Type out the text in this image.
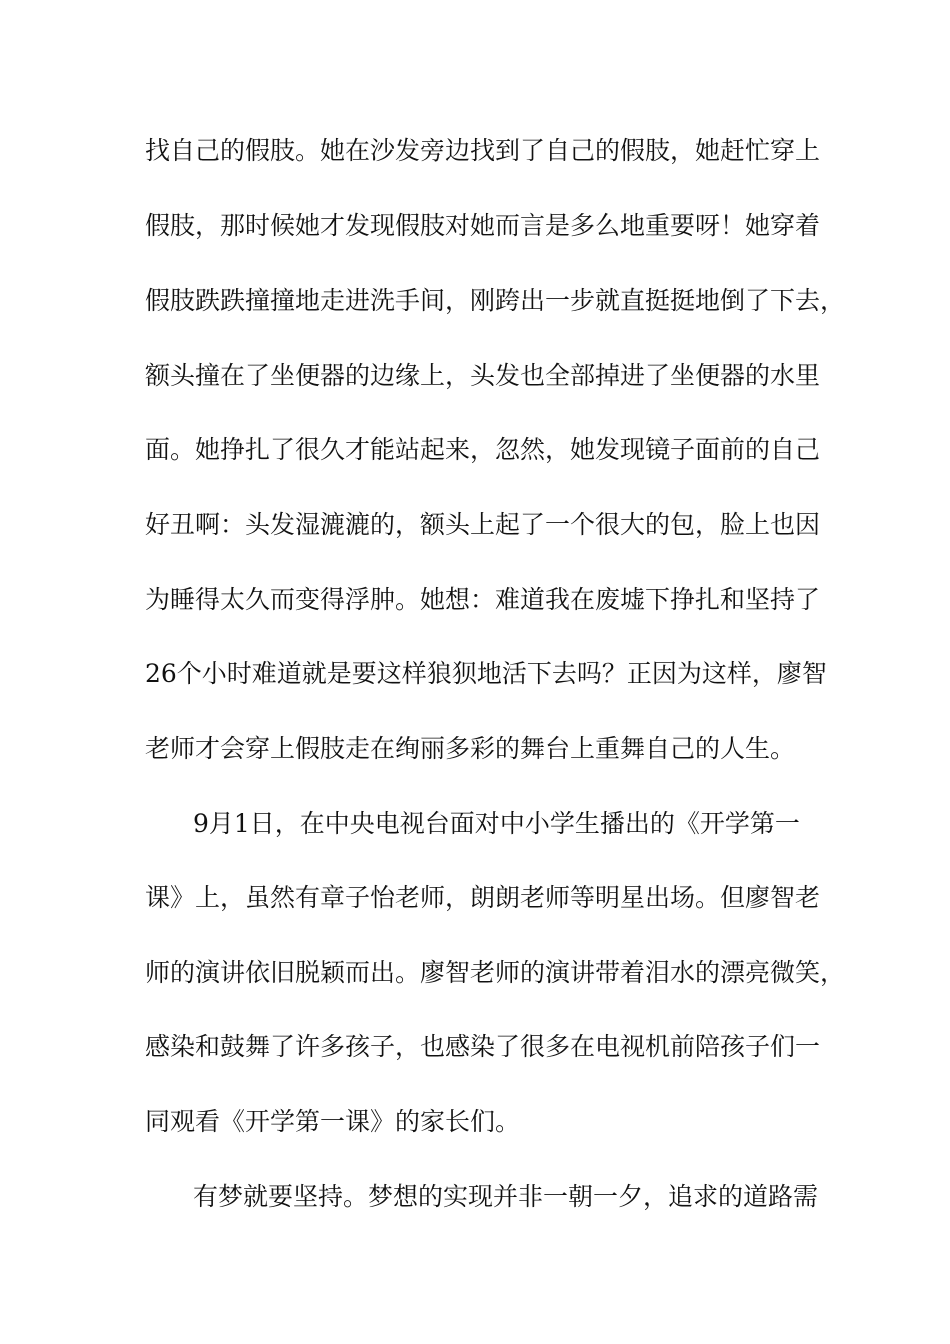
找自己的假肢。她在沙发旁边找到了自己的假肢，她赶忙穿上
假肢，那时候她才发现假肢对她而言是多么地重要呀！她穿着
假肢跌跌撞撞地走进洗手间，刚跨出一步就直挺挺地倒了下去，
额头撞在了坐便器的边缘上，头发也全部掉进了坐便器的水里
面。她挣扎了很久才能站起来，忽然，她发现镜子面前的自己
好丑啊：头发湿漉漉的，额头上起了一个很大的包，脸上也因
为睡得太久而变得浮肿。她想：难道我在废墟下挣扎和坚持了
26个小时难道就是要这样狼狈地活下去吗？正因为这样，廖智
老师才会穿上假肢走在绚丽多彩的舞台上重舞自己的人生。
9月1日，在中央电视台面对中小学生播出的《开学第一
课》上，虽然有章子怡老师，朗朗老师等明星出场。但廖智老
师的演讲依旧脱颖而出。廖智老师的演讲带着泪水的漂亮微笑，
感染和鼓舞了许多孩子，也感染了很多在电视机前陪孩子们一
同观看《开学第一课》的家长们。
有梦就要坚持。梦想的实现并非一朝一夕，追求的道路需
